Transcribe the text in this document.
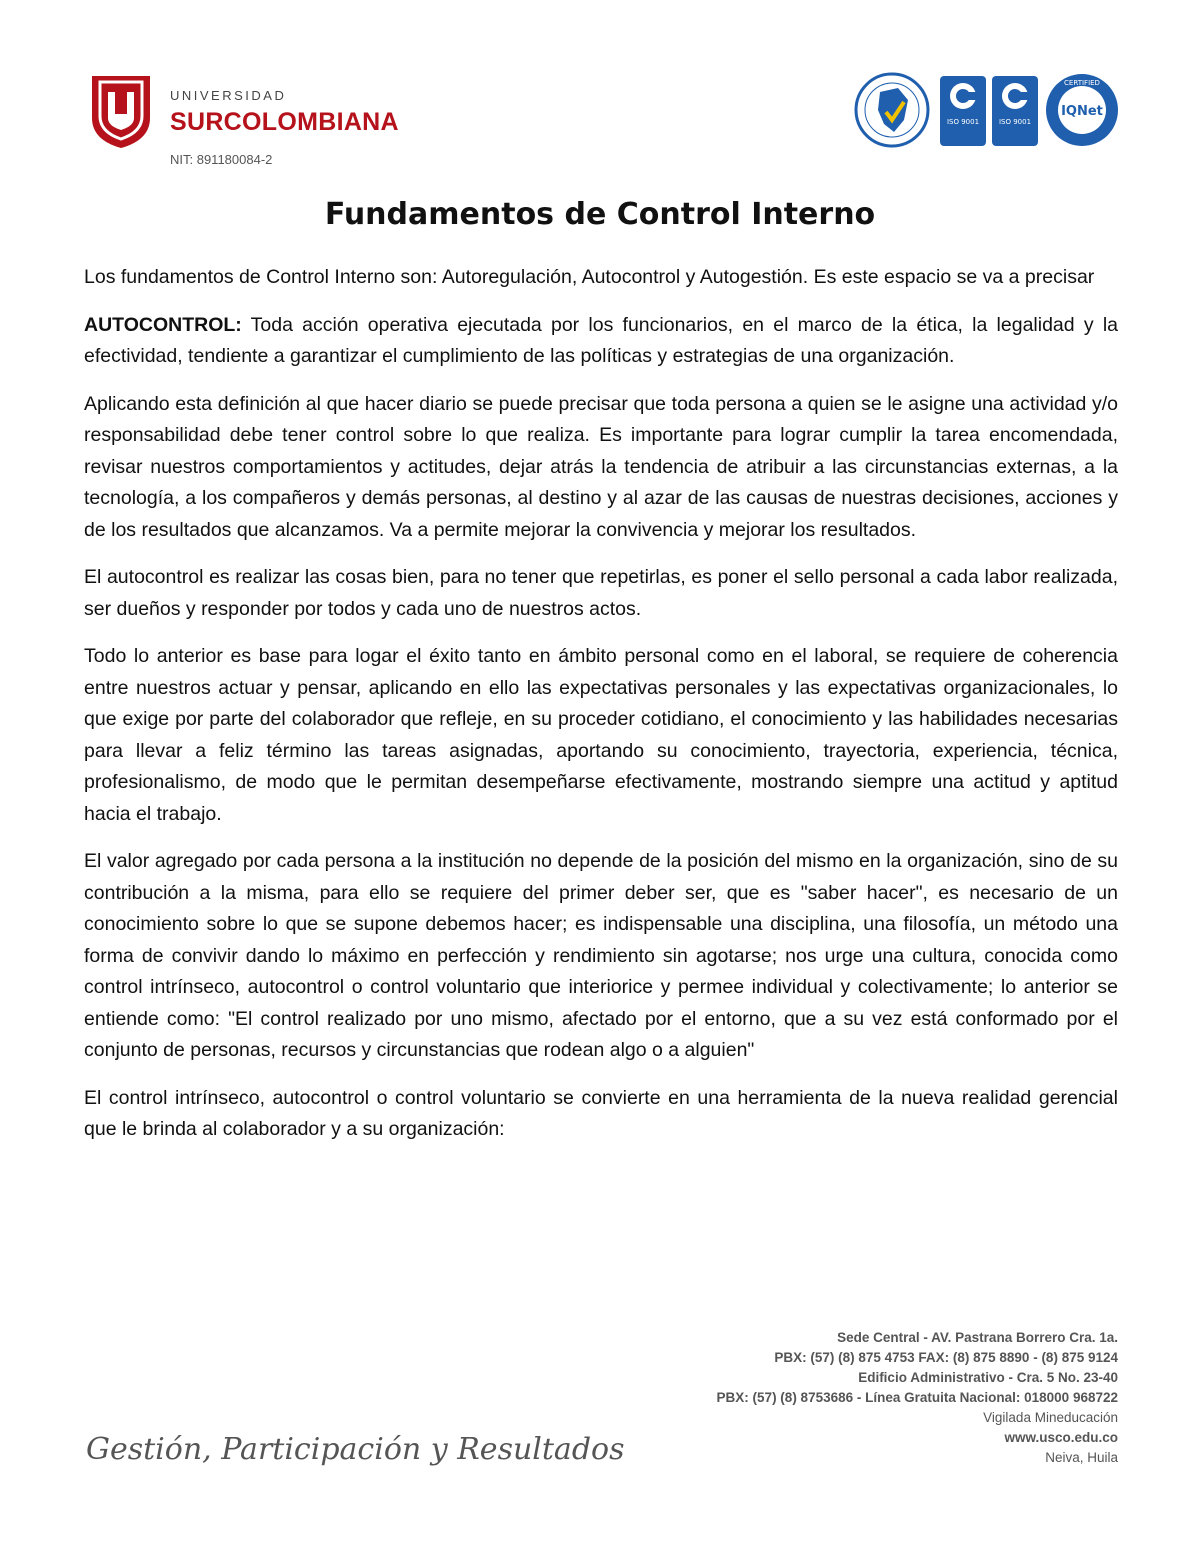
UNIVERSIDAD
SURCOLOMBIANA
NIT: 891180084-2
ISO 9001	ISO 9001
IQNet
CERTIFIED
Fundamentos de Control Interno

Los fundamentos de Control Interno son: Autoregulación, Autocontrol y Autogestión. Es este espacio se va a precisar

AUTOCONTROL: Toda acción operativa ejecutada por los funcionarios, en el marco de la ética, la legalidad y la efectividad, tendiente a garantizar el cumplimiento de las políticas y estrategias de una organización.

Aplicando esta definición al que hacer diario se puede precisar que toda persona a quien se le asigne una actividad y/o responsabilidad debe tener control sobre lo que realiza. Es importante para lograr cumplir la tarea encomendada, revisar nuestros comportamientos y actitudes, dejar atrás la tendencia de atribuir a las circunstancias externas, a la tecnología, a los compañeros y demás personas, al destino y al azar de las causas de nuestras decisiones, acciones y de los resultados que alcanzamos. Va a permite mejorar la convivencia y mejorar los resultados.

El autocontrol es realizar las cosas bien, para no tener que repetirlas, es poner el sello personal a cada labor realizada, ser dueños y responder por todos y cada uno de nuestros actos.

Todo lo anterior es base para logar el éxito tanto en ámbito personal como en el laboral, se requiere de coherencia entre nuestros actuar y pensar, aplicando en ello las expectativas personales y las expectativas organizacionales, lo que exige por parte del colaborador que refleje, en su proceder cotidiano, el conocimiento y las habilidades necesarias para llevar a feliz término las tareas asignadas, aportando su conocimiento, trayectoria, experiencia, técnica, profesionalismo, de modo que le permitan desempeñarse efectivamente, mostrando siempre una actitud y aptitud hacia el trabajo.

El valor agregado por cada persona a la institución no depende de la posición del mismo en la organización, sino de su contribución a la misma, para ello se requiere del primer deber ser, que es "saber hacer", es necesario de un conocimiento sobre lo que se supone debemos hacer; es indispensable una disciplina, una filosofía, un método una forma de convivir dando lo máximo en perfección y rendimiento sin agotarse; nos urge una cultura, conocida como control intrínseco, autocontrol o control voluntario que interiorice y permee individual y colectivamente; lo anterior se entiende como: "El control realizado por uno mismo, afectado por el entorno, que a su vez está conformado por el conjunto de personas, recursos y circunstancias que rodean algo o a alguien"

El control intrínseco, autocontrol o control voluntario se convierte en una herramienta de la nueva realidad gerencial que le brinda al colaborador y a su organización:

Gestión, Participación y Resultados
Sede Central - AV. Pastrana Borrero Cra. 1a.
PBX: (57) (8) 875 4753 FAX: (8) 875 8890 - (8) 875 9124
Edificio Administrativo - Cra. 5 No. 23-40
PBX: (57) (8) 8753686 - Línea Gratuita Nacional: 018000 968722
Vigilada Mineducación
www.usco.edu.co
Neiva, Huila
